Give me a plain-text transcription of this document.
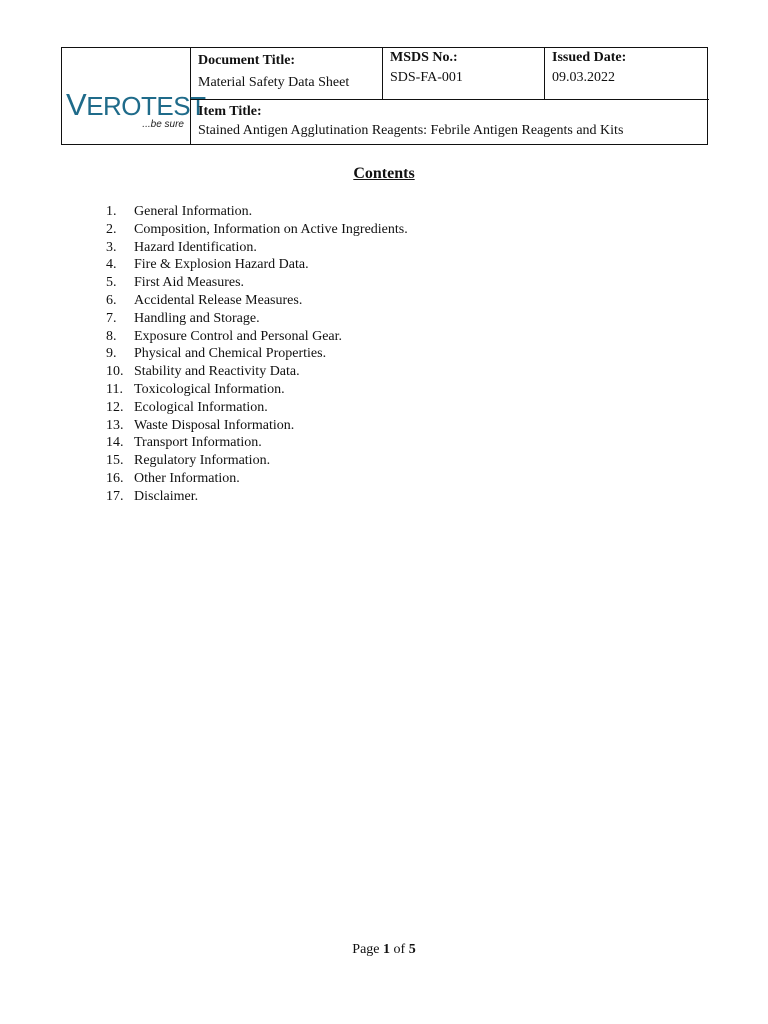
VEROTEST
...be sure
Document Title:
Material Safety Data Sheet
MSDS No.:
SDS-FA-001
Issued Date:
09.03.2022
Item Title:
Stained Antigen Agglutination Reagents: Febrile Antigen Reagents and Kits
Contents
1.	General Information.
2.	Composition, Information on Active Ingredients.
3.	Hazard Identification.
4.	Fire & Explosion Hazard Data.
5.	First Aid Measures.
6.	Accidental Release Measures.
7.	Handling and Storage.
8.	Exposure Control and Personal Gear.
9.	Physical and Chemical Properties.
10. Stability and Reactivity Data.
11. Toxicological Information.
12. Ecological Information.
13. Waste Disposal Information.
14. Transport Information.
15. Regulatory Information.
16. Other Information.
17. Disclaimer.
Page 1 of 5
